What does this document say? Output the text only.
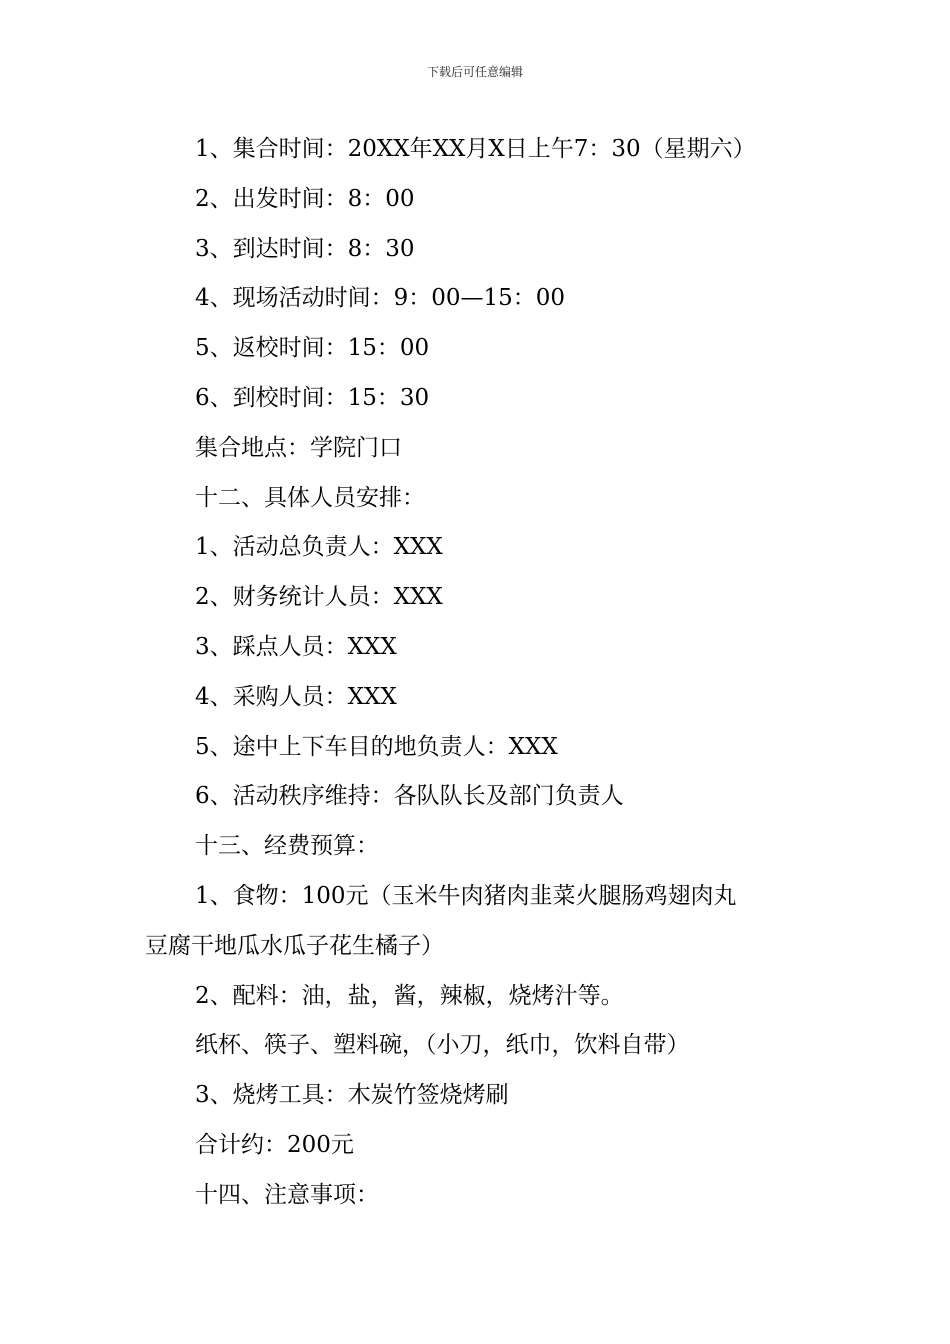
下载后可任意编辑
1、集合时间：20XX年XX月X日上午7：30（星期六）
2、出发时间：8：00
3、到达时间：8：30
4、现场活动时间：9：00—15：00
5、返校时间：15：00
6、到校时间：15：30
集合地点：学院门口
十二、具体人员安排：
1、活动总负责人：XXX
2、财务统计人员：XXX
3、踩点人员：XXX
4、采购人员：XXX
5、途中上下车目的地负责人：XXX
6、活动秩序维持：各队队长及部门负责人
十三、经费预算：
1、食物：100元（玉米牛肉猪肉韭菜火腿肠鸡翅肉丸
豆腐干地瓜水瓜子花生橘子）
2、配料：油，盐，酱，辣椒，烧烤汁等。
纸杯、筷子、塑料碗，（小刀，纸巾，饮料自带）
3、烧烤工具：木炭竹签烧烤刷
合计约：200元
十四、注意事项：
